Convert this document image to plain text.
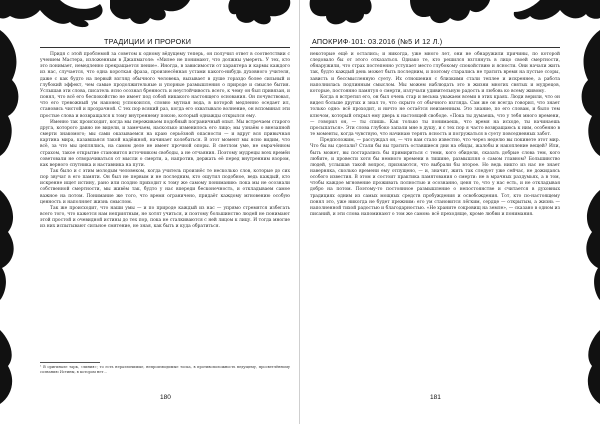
ТРАДИЦИИ И ПРОРОКИ

Придя с этой проблемой за советом к одному вёдущему теперь, он получил ответ в соответствии с учением Мастера, изложенным в Джапмаголе: «Милее не понимают, что должны умереть. У тех, кто это понимает, немедленно прекращается пение». Иногда, в зависимости от характера и кармы каждого из нас, случается, что одна короткая фраза, произнесённая устами какого-нибудь духовного учителя, даже с как будто на первый взгляд обычного человека, вызывает в душе гораздо более сильный и глубокий эффект, чем самые продолжительные и упорные размышления о природе и смысле бытия. Услышав эти слова, писатель ясно осознал бренность и неустойчивость всего, к чему он был привязан, и понял, что всё его беспокойство не имеет под собой никакого настоящего основания. Он почувствовал, что его тревожный ум наконец успокоился, словно мутная вода, в которой медленно оседает ил, становясь чистой и прозрачной. С тех пор всякий раз, когда его охватывало волнение, он вспоминал эти простые слова и возвращался к тому внутреннему покою, который однажды открылся ему.

Именно так происходит, когда мы переживаем подобный пограничный опыт. Мы встречаем старого друга, которого давно не видели, и замечаем, насколько изменилось его лицо; мы узнаём о внезапной смерти знакомого; мы сами оказываемся на краю серьёзной опасности — и вдруг вся привычная картина мира, казавшаяся такой надёжной, начинает колебаться. В этот момент мы ясно видим, что всё, за что мы цеплялись, на самом деле не имеет прочной опоры. В светлом уме, не омрачённом страхом, такое открытие становится источником свободы, а не отчаяния. Поэтому мудрецы всех времён советовали не отворачиваться от мысли о смерти, а, напротив, держать её перед внутренним взором, как верного спутника и наставника на пути.

Так было и с этим молодым человеком, когда учитель произнёс те несколько слов, которые до сих пор звучат в его памяти. Он был не первым и не последним, кто ощутил подобное, ведь каждый, кто искренне ищет истину, рано или поздно приходит к тому же самому пониманию: пока мы не осознали собственной смертности, мы живём так, будто у нас впереди бесконечность, и откладываем самое важное на потом. Понимание же того, что время ограничено, придаёт каждому мгновению особую ценность и наполняет жизнь смыслом.

Так же происходит, что наши умы — и по природе каждый из нас — упрямо стремятся избегать всего того, что кажется нам неприятным, не хотят учиться, и поэтому большинство людей не понимают этой простой и очевидной истины до тех пор, пока не сталкиваются с ней лицом к лицу. И тогда многие из них испытывают сильное смятение, не зная, как быть и куда обратиться.

¹ В оригинале тарк, «линия»; то есть неразличимые, непроизводимые тоска, в противоположность ведущему, просветлённому сознанию Истины, в котором нет…
180
АПОКРИФ·101: 03.2016 (№5 И 12 Л.)

некоторые ещё и остались; и никогда, уже много лет, они не обнаружили причины, по которой следовало бы от этого отказаться. Однако те, кто решился взглянуть в лицо своей смертности, обнаружили, что страх постепенно уступает место глубокому спокойствию и ясности. Они начали жить так, будто каждый день может быть последним, и поэтому старались не тратить время на пустые ссоры, зависть и бессмысленную суету. Их отношения с близкими стали теплее и искреннее, а работа наполнилась подлинным смыслом. Мы можем наблюдать это в жизни многих святых и мудрецов, которые, постоянно памятуя о смерти, излучали удивительную радость и любовь ко всему живому.

Когда я встретил его, он был очень стар и весьма уважаем всеми в этих краях. Люди верили, что он видел больше других и знал то, что скрыто от обычного взгляда. Сам же он всегда говорил, что знает только одно: всё проходит, и ничто не остаётся неизменным. Это знание, по его словам, и было тем ключом, который открыл ему дверь к настоящей свободе. «Пока ты думаешь, что у тебя много времени, — говорил он, — ты спишь. Как только ты понимаешь, что время на исходе, ты начинаешь просыпаться». Эти слова глубоко запали мне в душу, и с тех пор я часто возвращаюсь к ним, особенно в те моменты, когда чувствую, что начинаю терять ясность и погружаться в суету повседневных забот.

Предположим, — рассуждал он, — что вам стало известно, что через неделю вы покинете этот мир. Что бы вы сделали? Стали бы вы тратить оставшиеся дни на обиды, жалобы и накопление вещей? Или, быть может, вы постарались бы примириться с теми, кого обидели, сказать добрые слова тем, кого любите, и провести хотя бы немного времени в тишине, размышляя о самом главном? Большинство людей, услышав такой вопрос, признаются, что выбрали бы второе. Но ведь никто из нас не знает наверняка, сколько времени ему отпущено, — и, значит, жить так следует уже сейчас, не дожидаясь особого известия. В этом и состоит практика памятования о смерти: не в мрачных раздумьях, а в том, чтобы каждое мгновение проживать полностью и осознанно, ценя то, что у нас есть, и не откладывая добро на потом. Поэтому-то постоянное размышление о непостоянстве и считается в духовных традициях одним из самых мощных средств пробуждения и освобождения. Тот, кто по-настоящему понял это, уже никогда не будет прежним: его ум становится лёгким, сердце — открытым, а жизнь — наполненной тихой радостью и благодарностью. «Не храните сокровищ на земле», — сказано в одном из писаний, и эти слова напоминают о том же самом: всё преходяще, кроме любви и понимания.

181
